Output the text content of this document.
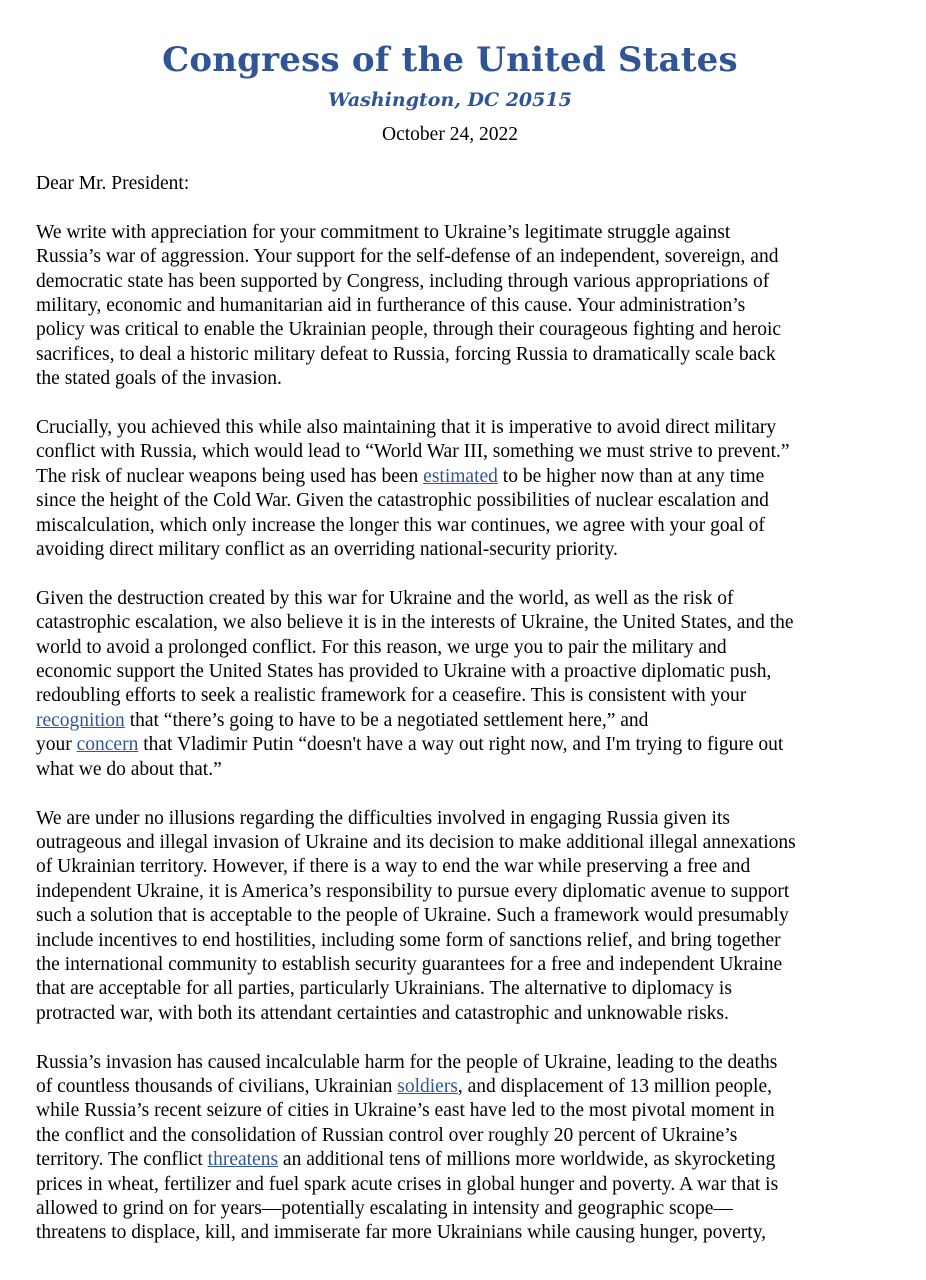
Congress of the United States
Washington, DC 20515
October 24, 2022
Dear Mr. President:

We write with appreciation for your commitment to Ukraine’s legitimate struggle against

Russia’s war of aggression. Your support for the self-defense of an independent, sovereign, and

democratic state has been supported by Congress, including through various appropriations of

military, economic and humanitarian aid in furtherance of this cause. Your administration’s

policy was critical to enable the Ukrainian people, through their courageous fighting and heroic

sacrifices, to deal a historic military defeat to Russia, forcing Russia to dramatically scale back

the stated goals of the invasion.

Crucially, you achieved this while also maintaining that it is imperative to avoid direct military

conflict with Russia, which would lead to “World War III, something we must strive to prevent.”

The risk of nuclear weapons being used has been estimated to be higher now than at any time

since the height of the Cold War. Given the catastrophic possibilities of nuclear escalation and

miscalculation, which only increase the longer this war continues, we agree with your goal of

avoiding direct military conflict as an overriding national-security priority.

Given the destruction created by this war for Ukraine and the world, as well as the risk of

catastrophic escalation, we also believe it is in the interests of Ukraine, the United States, and the

world to avoid a prolonged conflict. For this reason, we urge you to pair the military and

economic support the United States has provided to Ukraine with a proactive diplomatic push,

redoubling efforts to seek a realistic framework for a ceasefire. This is consistent with your

recognition that “there’s going to have to be a negotiated settlement here,” and

your concern that Vladimir Putin “doesn't have a way out right now, and I'm trying to figure out

what we do about that.”

We are under no illusions regarding the difficulties involved in engaging Russia given its

outrageous and illegal invasion of Ukraine and its decision to make additional illegal annexations

of Ukrainian territory. However, if there is a way to end the war while preserving a free and

independent Ukraine, it is America’s responsibility to pursue every diplomatic avenue to support

such a solution that is acceptable to the people of Ukraine. Such a framework would presumably

include incentives to end hostilities, including some form of sanctions relief, and bring together

the international community to establish security guarantees for a free and independent Ukraine

that are acceptable for all parties, particularly Ukrainians. The alternative to diplomacy is

protracted war, with both its attendant certainties and catastrophic and unknowable risks.

Russia’s invasion has caused incalculable harm for the people of Ukraine, leading to the deaths

of countless thousands of civilians, Ukrainian soldiers, and displacement of 13 million people,

while Russia’s recent seizure of cities in Ukraine’s east have led to the most pivotal moment in

the conflict and the consolidation of Russian control over roughly 20 percent of Ukraine’s

territory. The conflict threatens an additional tens of millions more worldwide, as skyrocketing

prices in wheat, fertilizer and fuel spark acute crises in global hunger and poverty. A war that is

allowed to grind on for years—potentially escalating in intensity and geographic scope—

threatens to displace, kill, and immiserate far more Ukrainians while causing hunger, poverty,
